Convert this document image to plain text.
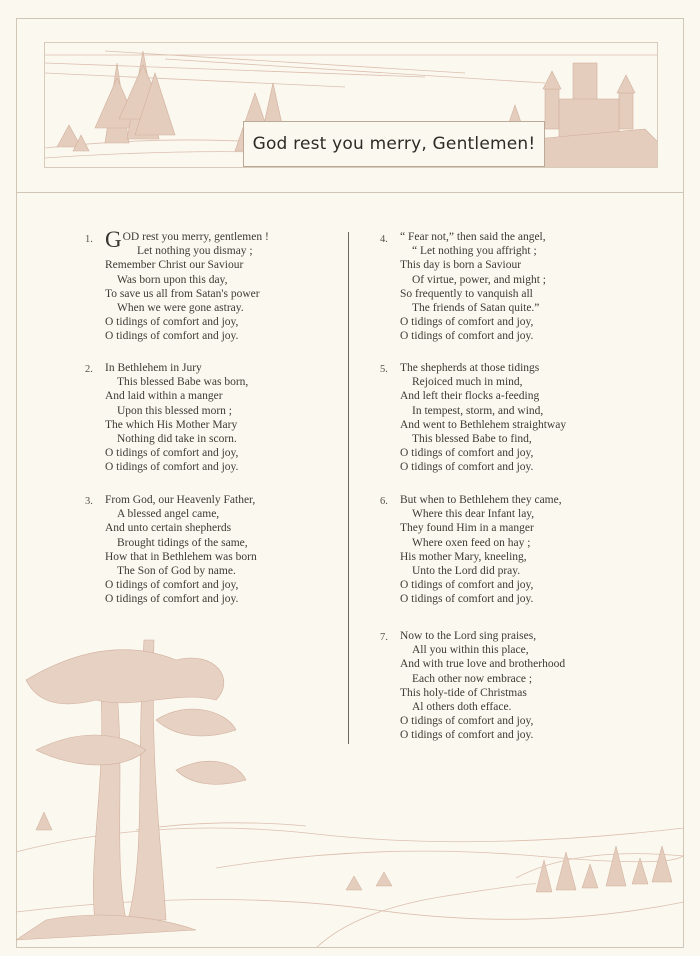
God rest you merry, Gentlemen!
1. GOD rest you merry, gentlemen !
Let nothing you dismay ;
Remember Christ our Saviour
Was born upon this day,
To save us all from Satan's power
When we were gone astray.
O tidings of comfort and joy,
O tidings of comfort and joy.
2. In Bethlehem in Jury
This blessed Babe was born,
And laid within a manger
Upon this blessed morn ;
The which His Mother Mary
Nothing did take in scorn.
O tidings of comfort and joy,
O tidings of comfort and joy.
3. From God, our Heavenly Father,
A blessed angel came,
And unto certain shepherds
Brought tidings of the same,
How that in Bethlehem was born
The Son of God by name.
O tidings of comfort and joy,
O tidings of comfort and joy.
4. “ Fear not,” then said the angel,
“ Let nothing you affright ;
This day is born a Saviour
Of virtue, power, and might ;
So frequently to vanquish all
The friends of Satan quite.”
O tidings of comfort and joy,
O tidings of comfort and joy.
5. The shepherds at those tidings
Rejoiced much in mind,
And left their flocks a-feeding
In tempest, storm, and wind,
And went to Bethlehem straightway
This blessed Babe to find,
O tidings of comfort and joy,
O tidings of comfort and joy.
6. But when to Bethlehem they came,
Where this dear Infant lay,
They found Him in a manger
Where oxen feed on hay ;
His mother Mary, kneeling,
Unto the Lord did pray.
O tidings of comfort and joy,
O tidings of comfort and joy.
7. Now to the Lord sing praises,
All you within this place,
And with true love and brotherhood
Each other now embrace ;
This holy-tide of Christmas
Al others doth efface.
O tidings of comfort and joy,
O tidings of comfort and joy.
